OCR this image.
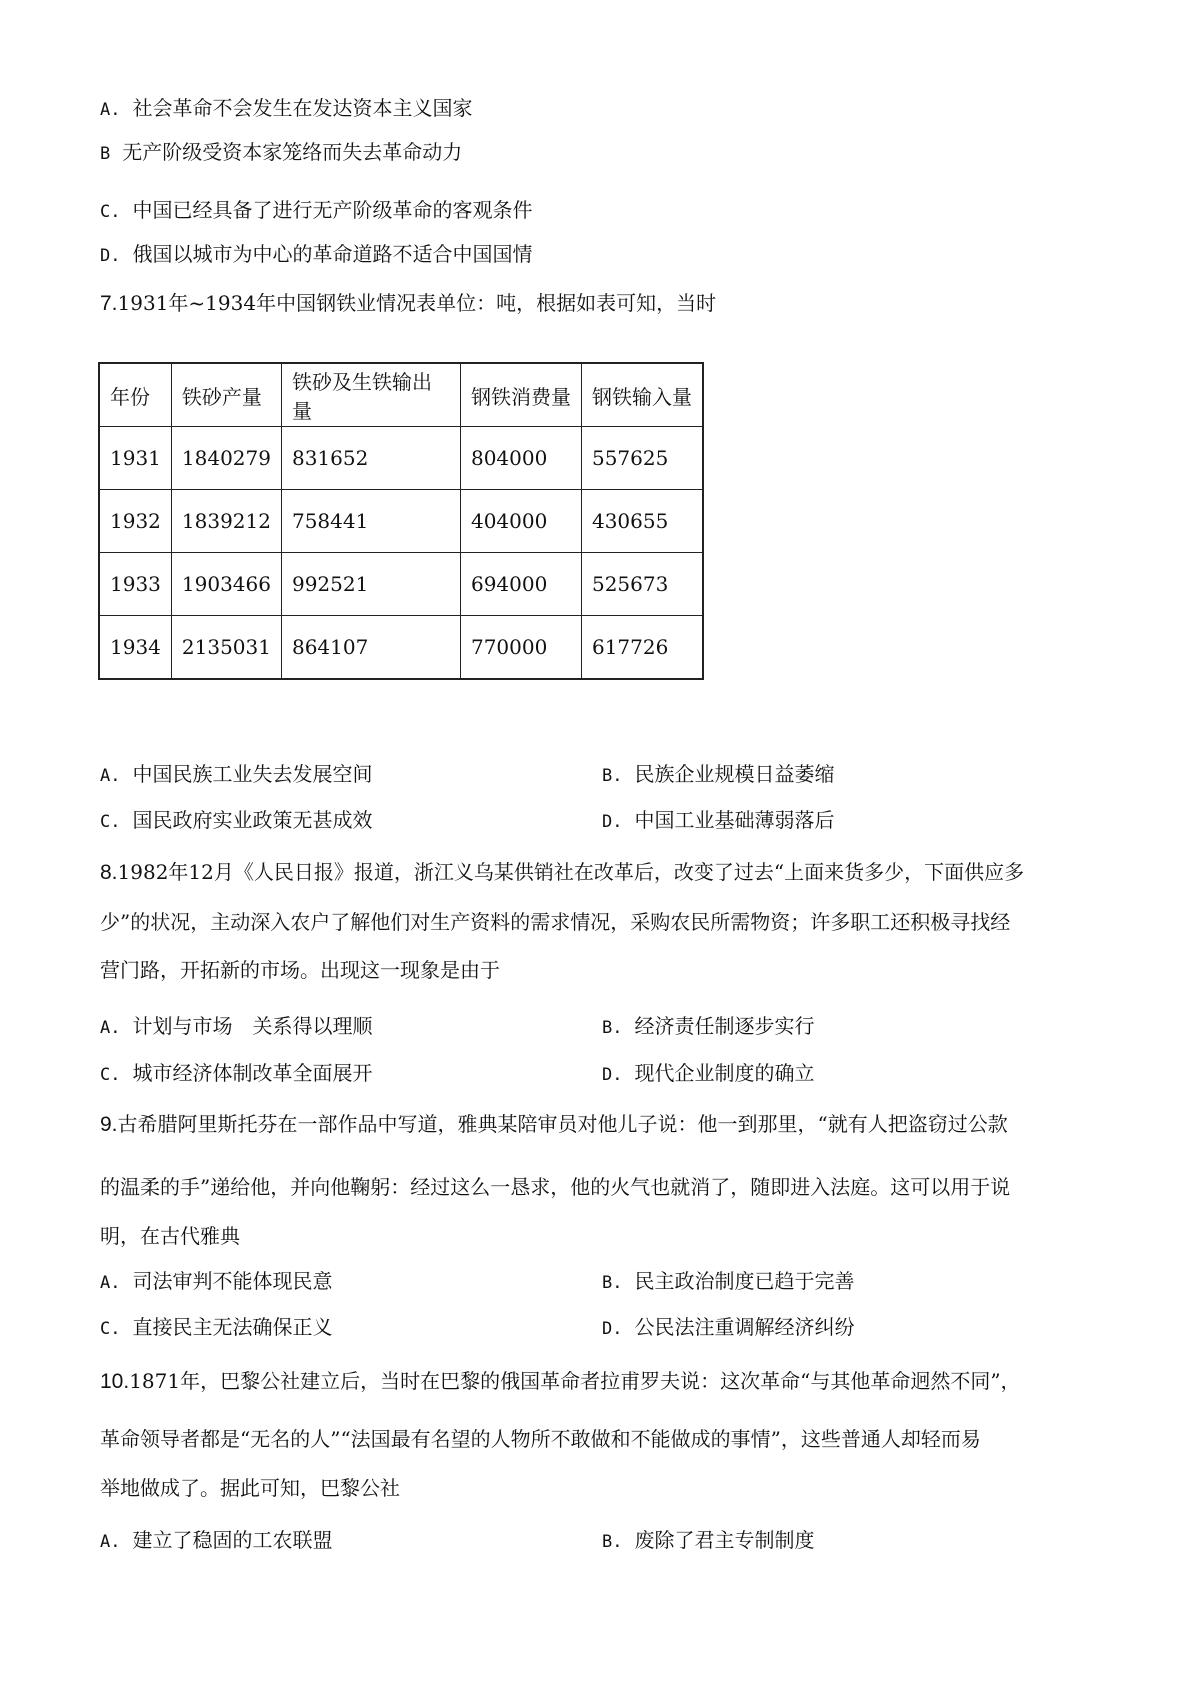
A. 社会革命不会发生在发达资本主义国家
B 无产阶级受资本家笼络而失去革命动力
C. 中国已经具备了进行无产阶级革命的客观条件
D. 俄国以城市为中心的革命道路不适合中国国情
7.1931年~1934年中国钢铁业情况表单位：吨，根据如表可知，当时
年份	铁砂产量	铁砂及生铁输出量	钢铁消费量	钢铁输入量
1931	1840279	831652	804000	557625
1932	1839212	758441	404000	430655
1933	1903466	992521	694000	525673
1934	2135031	864107	770000	617726
A. 中国民族工业失去发展空间	B. 民族企业规模日益萎缩
C. 国民政府实业政策无甚成效	D. 中国工业基础薄弱落后
8.1982年12月《人民日报》报道，浙江义乌某供销社在改革后，改变了过去“上面来货多少，下面供应多
少”的状况，主动深入农户了解他们对生产资料的需求情况，采购农民所需物资；许多职工还积极寻找经
营门路，开拓新的市场。出现这一现象是由于
A. 计划与市场　关系得以理顺	B. 经济责任制逐步实行
C. 城市经济体制改革全面展开	D. 现代企业制度的确立
9.古希腊阿里斯托芬在一部作品中写道，雅典某陪审员对他儿子说：他一到那里，“就有人把盗窃过公款
的温柔的手”递给他，并向他鞠躬：经过这么一恳求，他的火气也就消了，随即进入法庭。这可以用于说
明，在古代雅典
A. 司法审判不能体现民意	B. 民主政治制度已趋于完善
C. 直接民主无法确保正义	D. 公民法注重调解经济纠纷
10.1871年，巴黎公社建立后，当时在巴黎的俄国革命者拉甫罗夫说：这次革命“与其他革命迥然不同”，
革命领导者都是“无名的人”“法国最有名望的人物所不敢做和不能做成的事情”，这些普通人却轻而易
举地做成了。据此可知，巴黎公社
A. 建立了稳固的工农联盟	B. 废除了君主专制制度
